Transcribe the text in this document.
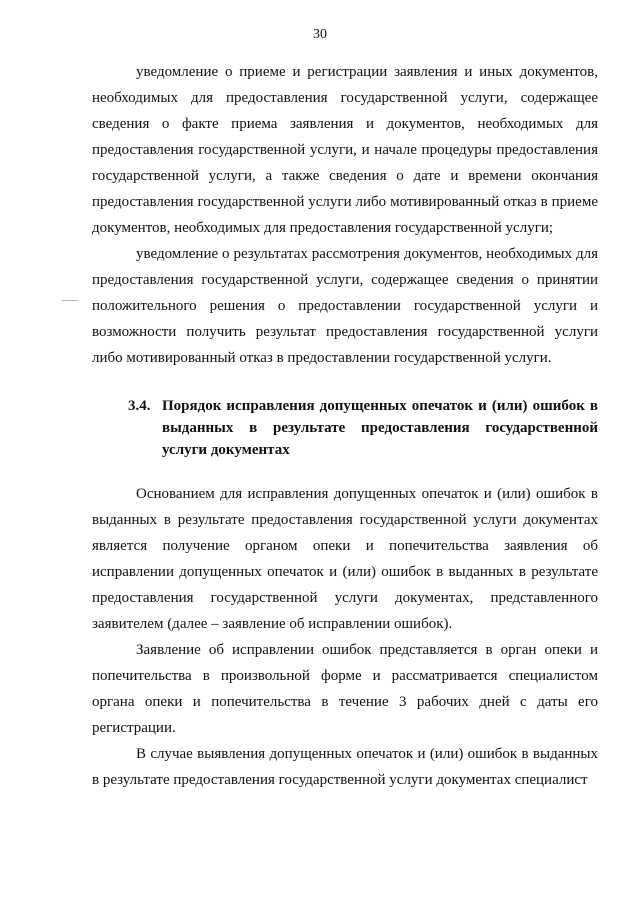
30

уведомление о приеме и регистрации заявления и иных документов, необходимых для предоставления государственной услуги, содержащее сведения о факте приема заявления и документов, необходимых для предоставления государственной услуги, и начале процедуры предоставления государственной услуги, а также сведения о дате и времени окончания предоставления государственной услуги либо мотивированный отказ в приеме документов, необходимых для предоставления государственной услуги;

уведомление о результатах рассмотрения документов, необходимых для предоставления государственной услуги, содержащее сведения о принятии положительного решения о предоставлении государственной услуги и возможности получить результат предоставления государственной услуги либо мотивированный отказ в предоставлении государственной услуги.

3.4. Порядок исправления допущенных опечаток и (или) ошибок в выданных в результате предоставления государственной услуги документах

Основанием для исправления допущенных опечаток и (или) ошибок в выданных в результате предоставления государственной услуги документах является получение органом опеки и попечительства заявления об исправлении допущенных опечаток и (или) ошибок в выданных в результате предоставления государственной услуги документах, представленного заявителем (далее – заявление об исправлении ошибок).

Заявление об исправлении ошибок представляется в орган опеки и попечительства в произвольной форме и рассматривается специалистом органа опеки и попечительства в течение 3 рабочих дней с даты его регистрации.

В случае выявления допущенных опечаток и (или) ошибок в выданных в результате предоставления государственной услуги документах специалист
